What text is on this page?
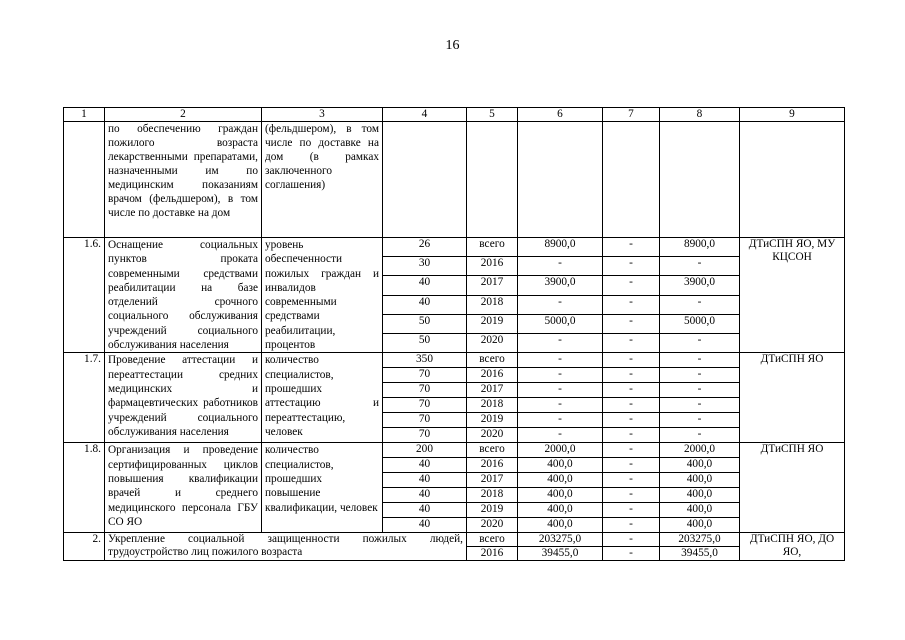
16
1	2	3	4	5	6	7	8	9
	по обеспечению граждан пожилого возраста лекарственными препаратами, назначенными им по медицинским показаниям врачом (фельдшером), в том числе по доставке на дом	(фельдшером), в том числе по доставке на дом (в рамках заключенного соглашения)						
1.6.	Оснащение социальных пунктов проката современными средствами реабилитации на базе отделений срочного социального обслуживания учреждений социального обслуживания населения	уровень обеспеченности пожилых граждан и инвалидов современными средствами реабилитации, процентов	26	всего	8900,0	-	8900,0	ДТиСПН ЯО, МУ КЦСОН
			30	2016	-	-	-	
			40	2017	3900,0	-	3900,0	
			40	2018	-	-	-	
			50	2019	5000,0	-	5000,0	
			50	2020	-	-	-	
1.7.	Проведение аттестации и переаттестации средних медицинских и фармацевтических работников учреждений социального обслуживания населения	количество специалистов, прошедших аттестацию и переаттестацию, человек	350	всего	-	-	-	ДТиСПН ЯО
			70	2016	-	-	-	
			70	2017	-	-	-	
			70	2018	-	-	-	
			70	2019	-	-	-	
			70	2020	-	-	-	
1.8.	Организация и проведение сертифицированных циклов повышения квалификации врачей и среднего медицинского персонала ГБУ СО ЯО	количество специалистов, прошедших повышение квалификации, человек	200	всего	2000,0	-	2000,0	ДТиСПН ЯО
			40	2016	400,0	-	400,0	
			40	2017	400,0	-	400,0	
			40	2018	400,0	-	400,0	
			40	2019	400,0	-	400,0	
			40	2020	400,0	-	400,0	
2.	Укрепление социальной защищенности пожилых людей, трудоустройство лиц пожилого возраста			всего	203275,0	-	203275,0	ДТиСПН ЯО, ДО ЯО,
				2016	39455,0	-	39455,0	
